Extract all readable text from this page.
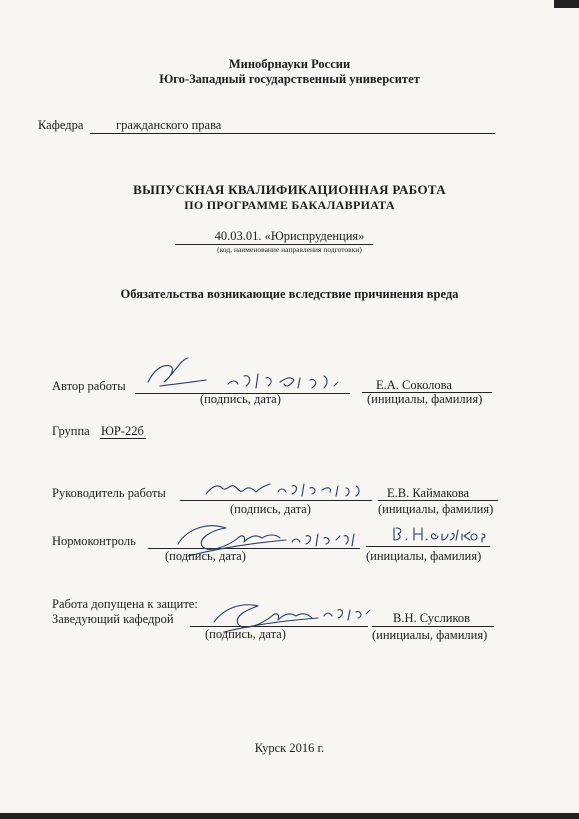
Минобрнауки России
Юго-Западный государственный университет
Кафедра	гражданского права
ВЫПУСКНАЯ КВАЛИФИКАЦИОННАЯ РАБОТА
ПО ПРОГРАММЕ БАКАЛАВРИАТА
40.03.01. «Юриспруденция»
(код, наименование направления подготовки)
Обязательства возникающие вследствие причинения вреда
Автор работы
(подпись, дата)
Е.А. Соколова
(инициалы, фамилия)
Группа ЮР-22б
Руководитель работы
(подпись, дата)
Е.В. Каймакова
(инициалы, фамилия)
Нормоконтроль
(подпись, дата)	(инициалы, фамилия)
Работа допущена к защите:
Заведующий кафедрой
(подпись, дата)
В.Н. Сусликов
(инициалы, фамилия)
Курск 2016 г.
